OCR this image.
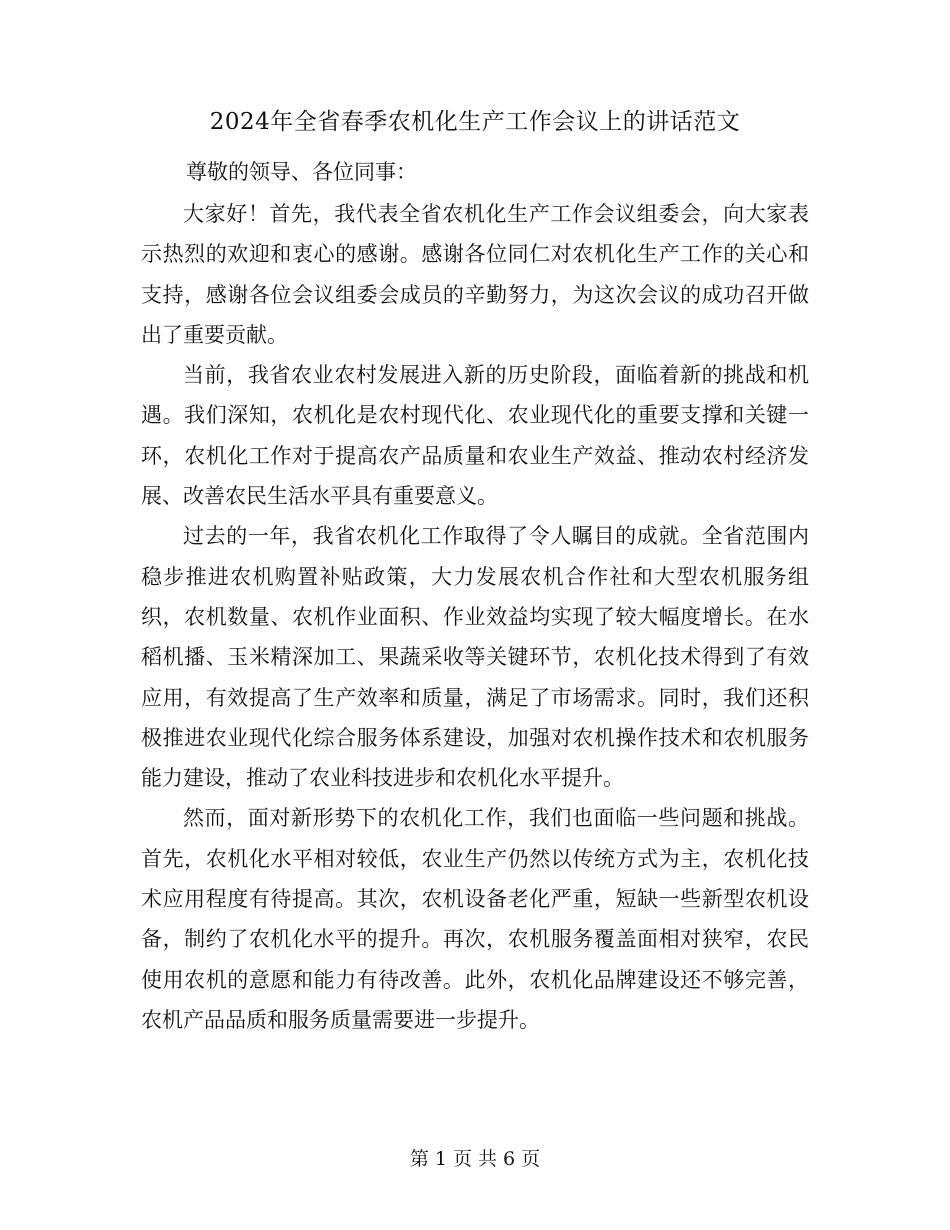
2024年全省春季农机化生产工作会议上的讲话范文
尊敬的领导、各位同事：

大家好！首先，我代表全省农机化生产工作会议组委会，向大家表示热烈的欢迎和衷心的感谢。感谢各位同仁对农机化生产工作的关心和支持，感谢各位会议组委会成员的辛勤努力，为这次会议的成功召开做出了重要贡献。

当前，我省农业农村发展进入新的历史阶段，面临着新的挑战和机遇。我们深知，农机化是农村现代化、农业现代化的重要支撑和关键一环，农机化工作对于提高农产品质量和农业生产效益、推动农村经济发展、改善农民生活水平具有重要意义。

过去的一年，我省农机化工作取得了令人瞩目的成就。全省范围内稳步推进农机购置补贴政策，大力发展农机合作社和大型农机服务组织，农机数量、农机作业面积、作业效益均实现了较大幅度增长。在水稻机播、玉米精深加工、果蔬采收等关键环节，农机化技术得到了有效应用，有效提高了生产效率和质量，满足了市场需求。同时，我们还积极推进农业现代化综合服务体系建设，加强对农机操作技术和农机服务能力建设，推动了农业科技进步和农机化水平提升。

然而，面对新形势下的农机化工作，我们也面临一些问题和挑战。首先，农机化水平相对较低，农业生产仍然以传统方式为主，农机化技术应用程度有待提高。其次，农机设备老化严重，短缺一些新型农机设备，制约了农机化水平的提升。再次，农机服务覆盖面相对狭窄，农民使用农机的意愿和能力有待改善。此外，农机化品牌建设还不够完善，农机产品品质和服务质量需要进一步提升。

第 1 页 共 6 页
